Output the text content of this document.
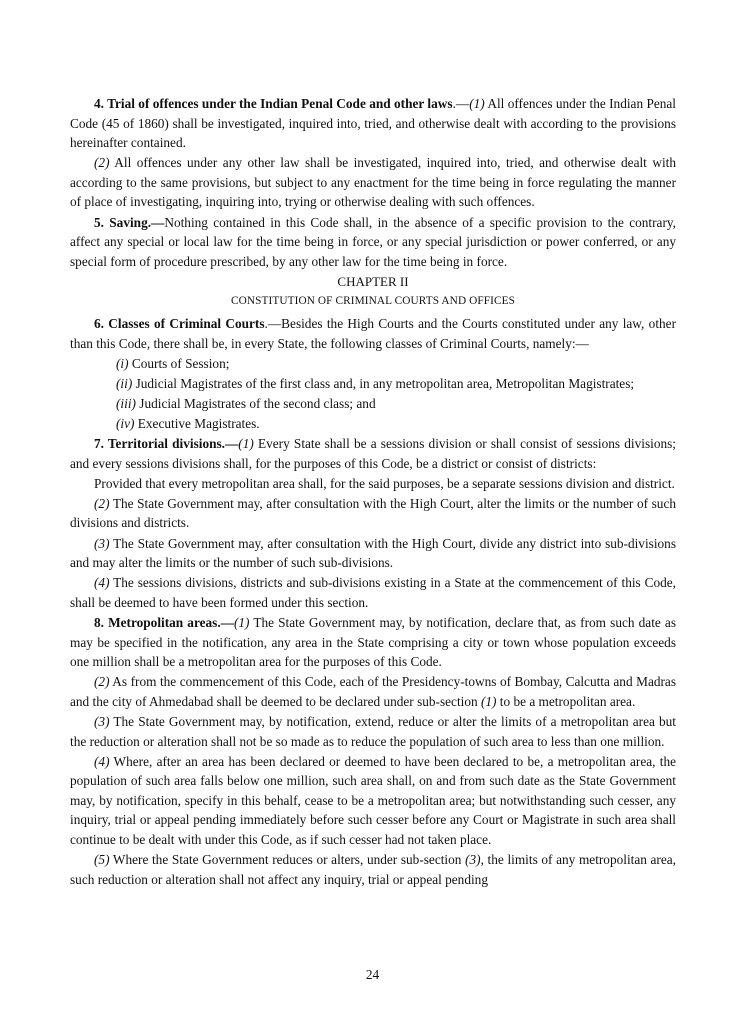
4. Trial of offences under the Indian Penal Code and other laws.—(1) All offences under the Indian Penal Code (45 of 1860) shall be investigated, inquired into, tried, and otherwise dealt with according to the provisions hereinafter contained.

(2) All offences under any other law shall be investigated, inquired into, tried, and otherwise dealt with according to the same provisions, but subject to any enactment for the time being in force regulating the manner of place of investigating, inquiring into, trying or otherwise dealing with such offences.

5. Saving.—Nothing contained in this Code shall, in the absence of a specific provision to the contrary, affect any special or local law for the time being in force, or any special jurisdiction or power conferred, or any special form of procedure prescribed, by any other law for the time being in force.

CHAPTER II

CONSTITUTION OF CRIMINAL COURTS AND OFFICES

6. Classes of Criminal Courts.—Besides the High Courts and the Courts constituted under any law, other than this Code, there shall be, in every State, the following classes of Criminal Courts, namely:—

(i) Courts of Session;

(ii) Judicial Magistrates of the first class and, in any metropolitan area, Metropolitan Magistrates;

(iii) Judicial Magistrates of the second class; and

(iv) Executive Magistrates.

7. Territorial divisions.—(1) Every State shall be a sessions division or shall consist of sessions divisions; and every sessions divisions shall, for the purposes of this Code, be a district or consist of districts:

Provided that every metropolitan area shall, for the said purposes, be a separate sessions division and district.

(2) The State Government may, after consultation with the High Court, alter the limits or the number of such divisions and districts.

(3) The State Government may, after consultation with the High Court, divide any district into sub-divisions and may alter the limits or the number of such sub-divisions.

(4) The sessions divisions, districts and sub-divisions existing in a State at the commencement of this Code, shall be deemed to have been formed under this section.

8. Metropolitan areas.—(1) The State Government may, by notification, declare that, as from such date as may be specified in the notification, any area in the State comprising a city or town whose population exceeds one million shall be a metropolitan area for the purposes of this Code.

(2) As from the commencement of this Code, each of the Presidency-towns of Bombay, Calcutta and Madras and the city of Ahmedabad shall be deemed to be declared under sub-section (1) to be a metropolitan area.

(3) The State Government may, by notification, extend, reduce or alter the limits of a metropolitan area but the reduction or alteration shall not be so made as to reduce the population of such area to less than one million.

(4) Where, after an area has been declared or deemed to have been declared to be, a metropolitan area, the population of such area falls below one million, such area shall, on and from such date as the State Government may, by notification, specify in this behalf, cease to be a metropolitan area; but notwithstanding such cesser, any inquiry, trial or appeal pending immediately before such cesser before any Court or Magistrate in such area shall continue to be dealt with under this Code, as if such cesser had not taken place.

(5) Where the State Government reduces or alters, under sub-section (3), the limits of any metropolitan area, such reduction or alteration shall not affect any inquiry, trial or appeal pending

24
